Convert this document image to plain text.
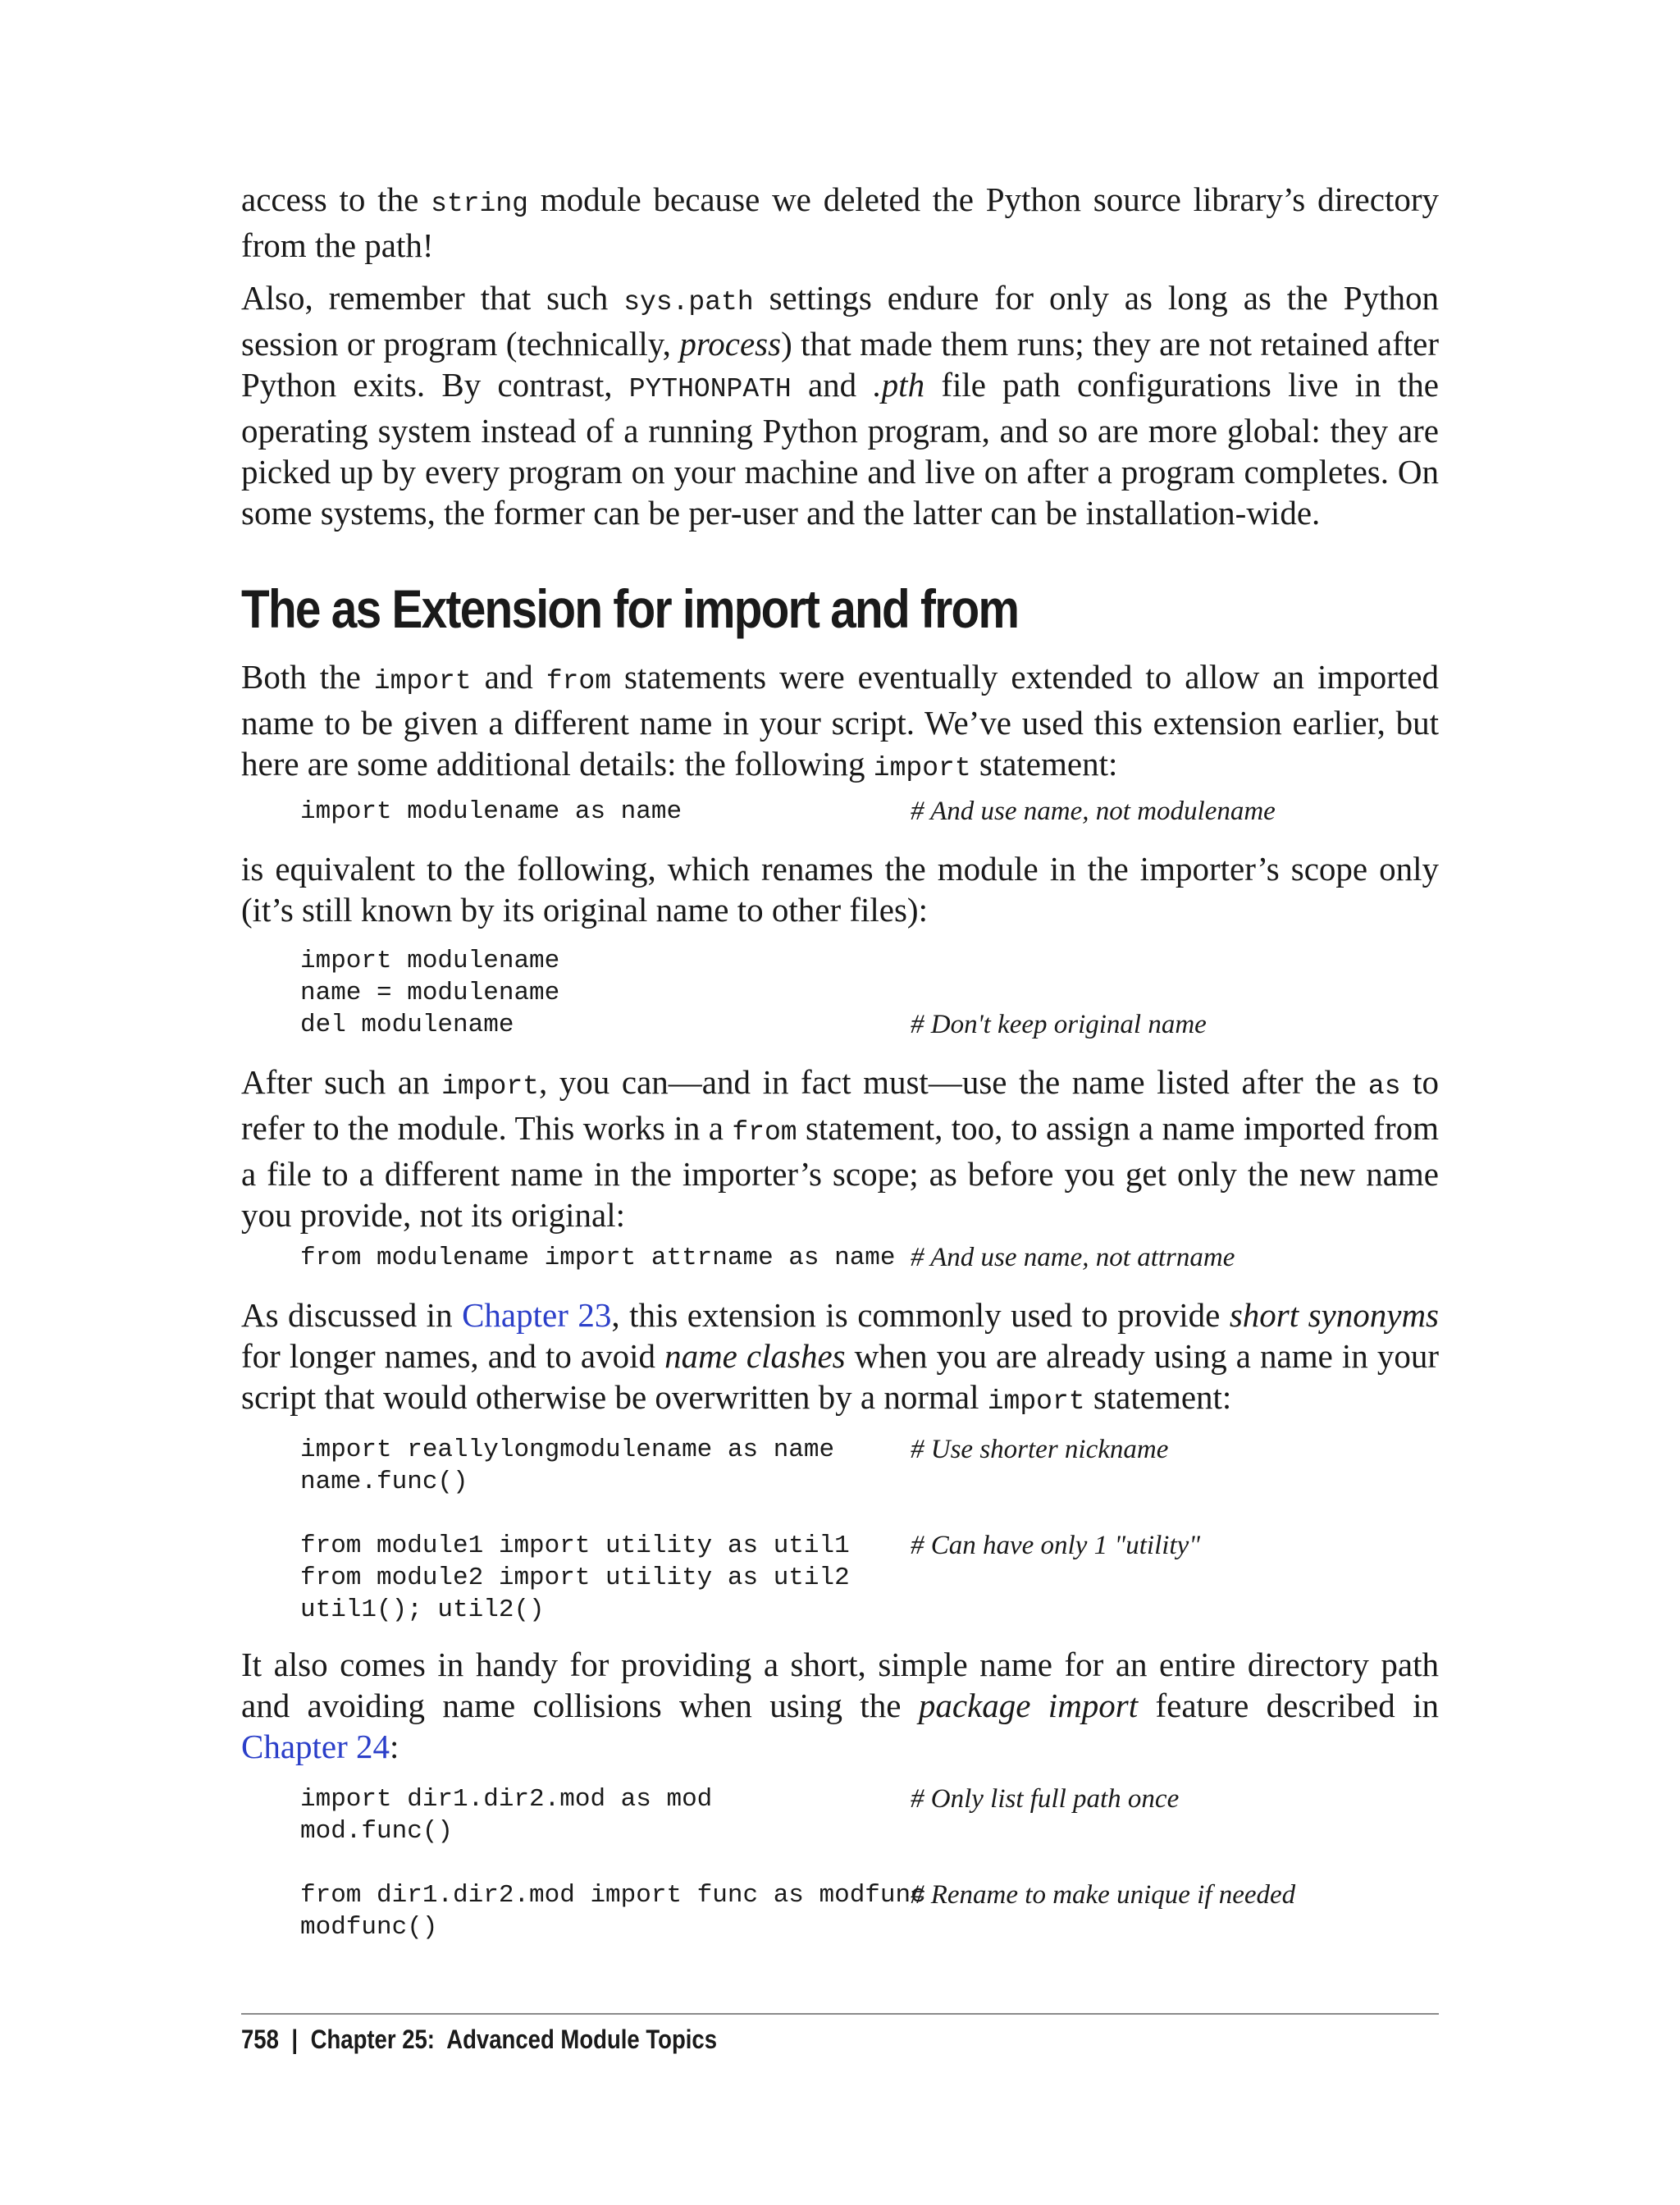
access to the string module because we deleted the Python source library’s directory from the path!

Also, remember that such sys.path settings endure for only as long as the Python session or program (technically, process) that made them runs; they are not retained after Python exits. By contrast, PYTHONPATH and .pth file path configurations live in the operating system instead of a running Python program, and so are more global: they are picked up by every program on your machine and live on after a program completes. On some systems, the former can be per-user and the latter can be installation-wide.

The as Extension for import and from

Both the import and from statements were eventually extended to allow an imported name to be given a different name in your script. We’ve used this extension earlier, but here are some additional details: the following import statement:

import modulename as name	# And use name, not modulename

is equivalent to the following, which renames the module in the importer’s scope only (it’s still known by its original name to other files):

import modulename
name = modulename
del modulename	# Don't keep original name

After such an import, you can—and in fact must—use the name listed after the as to refer to the module. This works in a from statement, too, to assign a name imported from a file to a different name in the importer’s scope; as before you get only the new name you provide, not its original:

from modulename import attrname as name # And use name, not attrname

As discussed in Chapter 23, this extension is commonly used to provide short synonyms for longer names, and to avoid name clashes when you are already using a name in your script that would otherwise be overwritten by a normal import statement:

import reallylongmodulename as name	# Use shorter nickname
name.func()
from module1 import utility as util1 # Can have only 1 "utility"
from module2 import utility as util2
util1(); util2()

It also comes in handy for providing a short, simple name for an entire directory path and avoiding name collisions when using the package import feature described in Chapter 24:

import dir1.dir2.mod as mod	# Only list full path once
mod.func()
from dir1.dir2.mod import func as modfunc
# Rename to make unique if needed
modfunc()
758 | Chapter 25:  Advanced Module Topics
